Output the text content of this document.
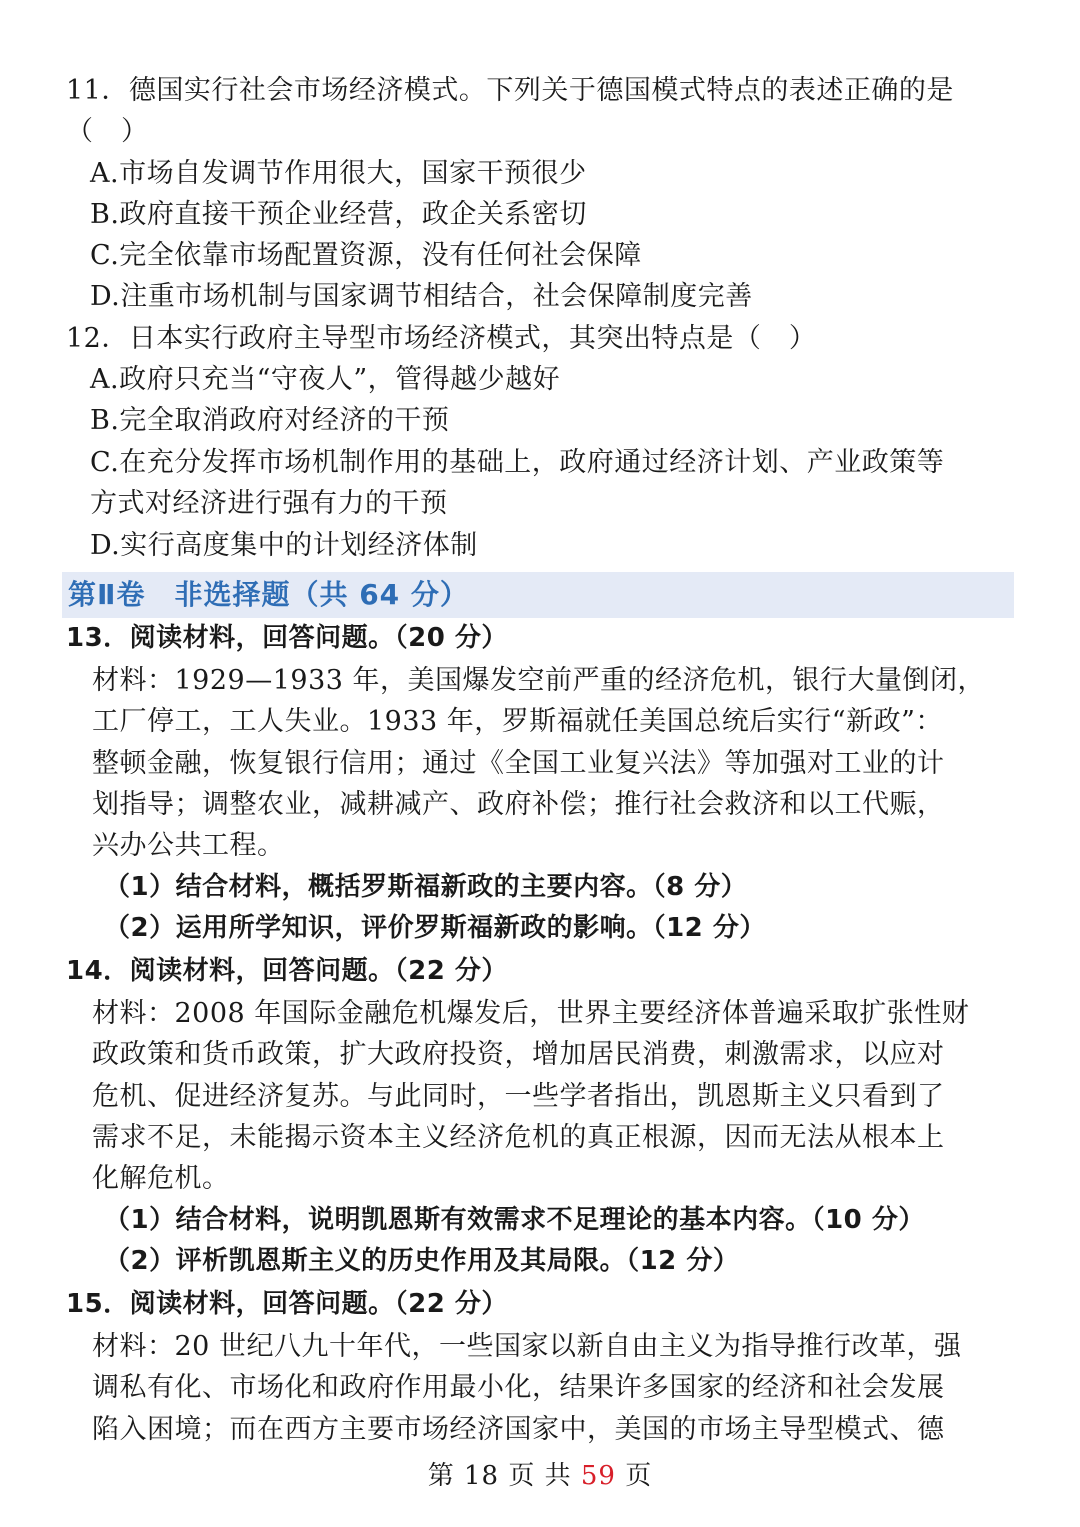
11．德国实行社会市场经济模式。下列关于德国模式特点的表述正确的是
（　）
A.市场自发调节作用很大，国家干预很少
B.政府直接干预企业经营，政企关系密切
C.完全依靠市场配置资源，没有任何社会保障
D.注重市场机制与国家调节相结合，社会保障制度完善
12．日本实行政府主导型市场经济模式，其突出特点是（　）
A.政府只充当“守夜人”，管得越少越好
B.完全取消政府对经济的干预
C.在充分发挥市场机制作用的基础上，政府通过经济计划、产业政策等
方式对经济进行强有力的干预
D.实行高度集中的计划经济体制
第Ⅱ卷　非选择题（共 64 分）
13．阅读材料，回答问题。（20 分）
材料：1929—1933 年，美国爆发空前严重的经济危机，银行大量倒闭，
工厂停工，工人失业。1933 年，罗斯福就任美国总统后实行“新政”：
整顿金融，恢复银行信用；通过《全国工业复兴法》等加强对工业的计
划指导；调整农业，减耕减产、政府补偿；推行社会救济和以工代赈，
兴办公共工程。
（1）结合材料，概括罗斯福新政的主要内容。（8 分）
（2）运用所学知识，评价罗斯福新政的影响。（12 分）
14．阅读材料，回答问题。（22 分）
材料：2008 年国际金融危机爆发后，世界主要经济体普遍采取扩张性财
政政策和货币政策，扩大政府投资，增加居民消费，刺激需求，以应对
危机、促进经济复苏。与此同时，一些学者指出，凯恩斯主义只看到了
需求不足，未能揭示资本主义经济危机的真正根源，因而无法从根本上
化解危机。
（1）结合材料，说明凯恩斯有效需求不足理论的基本内容。（10 分）
（2）评析凯恩斯主义的历史作用及其局限。（12 分）
15．阅读材料，回答问题。（22 分）
材料：20 世纪八九十年代，一些国家以新自由主义为指导推行改革，强
调私有化、市场化和政府作用最小化，结果许多国家的经济和社会发展
陷入困境；而在西方主要市场经济国家中，美国的市场主导型模式、德
第 18 页 共 59 页
